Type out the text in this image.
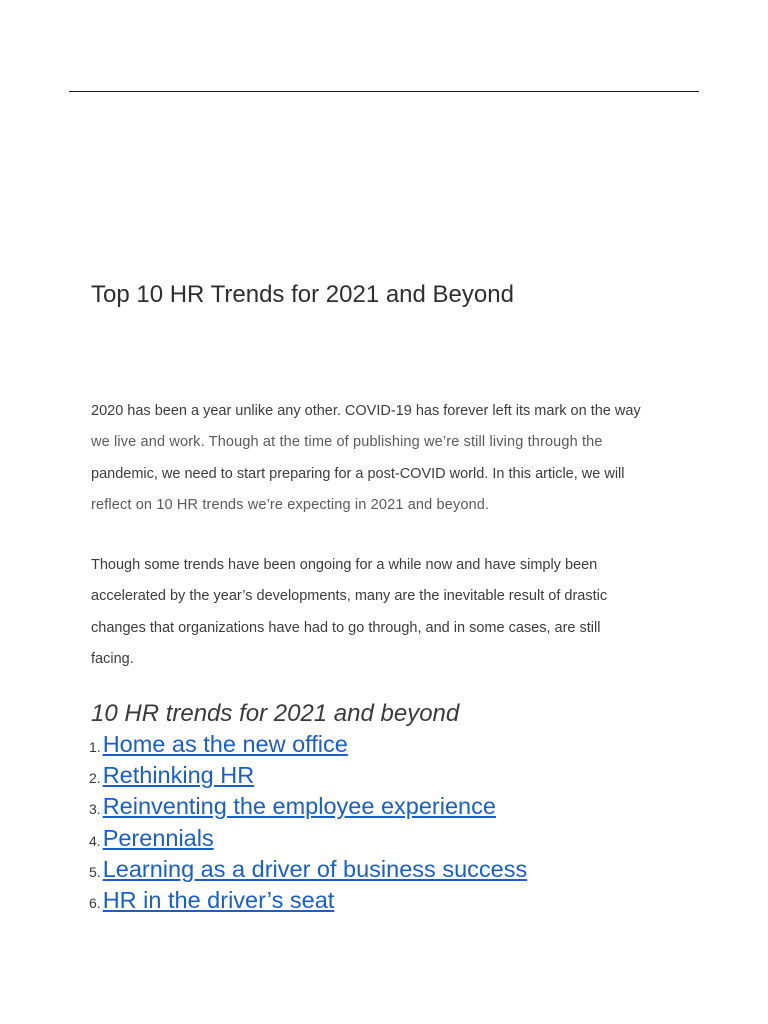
Top 10 HR Trends for 2021 and Beyond
2020 has been a year unlike any other. COVID-19 has forever left its mark on the way
we live and work. Though at the time of publishing we’re still living through the
pandemic, we need to start preparing for a post-COVID world. In this article, we will
reflect on 10 HR trends we’re expecting in 2021 and beyond.
Though some trends have been ongoing for a while now and have simply been
accelerated by the year’s developments, many are the inevitable result of drastic
changes that organizations have had to go through, and in some cases, are still
facing.
10 HR trends for 2021 and beyond
1.Home as the new office
2.Rethinking HR
3.Reinventing the employee experience
4.Perennials
5.Learning as a driver of business success
6.HR in the driver’s seat
